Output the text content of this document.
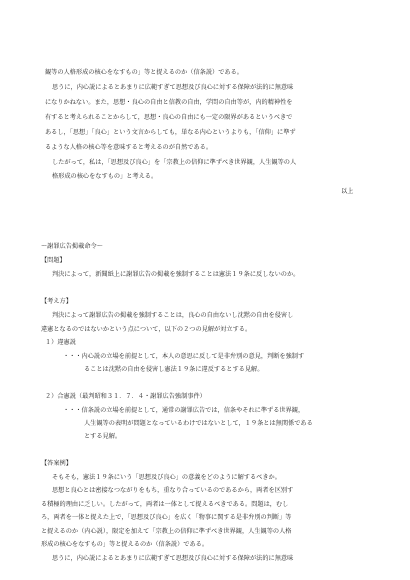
観等の人格形成の核心をなすもの」等と捉えるのか（信条説）である。
思うに，内心説によるとあまりに広範すぎて思想及び良心に対する保障が法的に無意味
になりかねない。また，思想・良心の自由と信教の自由，学問の自由等が，内的精神性を
有すると考えられることからして，思想・良心の自由にも一定の限界があるというべきで
あるし，「思想」「良心」という文言からしても，単なる内心というよりも，「信仰」に準ず
るような人格の核心等を意味すると考えるのが自然である。
したがって，私は，「思想及び良心」を「宗教上の信仰に準ずべき世界観，人生観等の人
格形成の核心をなすもの」と考える。
以上
～謝罪広告掲載命令～
【問題】
判決によって，新聞紙上に謝罪広告の掲載を強制することは憲法１９条に反しないのか。
【考え方】
判決によって謝罪広告の掲載を強制することは，良心の自由ないし沈黙の自由を侵害し
違憲となるのではないかという点について，以下の２つの見解が対立する。
１）違憲説
・・・内心説の立場を前提として，本人の意思に反して是非弁別の意見，判断を強制す
ることは沈黙の自由を侵害し憲法１９条に違反するとする見解。
２）合憲説（最判昭和３１．７．４・謝罪広告強制事件）
・・・信条説の立場を前提として，通常の謝罪広告では，信条やそれに準ずる世界観，
人生観等の表明が問題となっているわけではないとして，１９条とは無関係である
とする見解。
【答案例】
そもそも，憲法１９条にいう「思想及び良心」の意義をどのように解するべきか。
思想と良心とは密接なつながりをもち，重なり合っているのであるから，両者を区別す
る積極的理由に乏しい。したがって，両者は一体として捉えるべきである。問題は，むし
ろ，両者を一体と捉えた上で，「思想及び良心」を広く「物事に関する是非弁別の判断」等
と捉えるのか（内心説），限定を加えて「宗教上の信仰に準ずべき世界観，人生観等の人格
形成の核心をなすもの」等と捉えるのか（信条説）である。
思うに，内心説によるとあまりに広範すぎて思想及び良心に対する保障が法的に無意味
